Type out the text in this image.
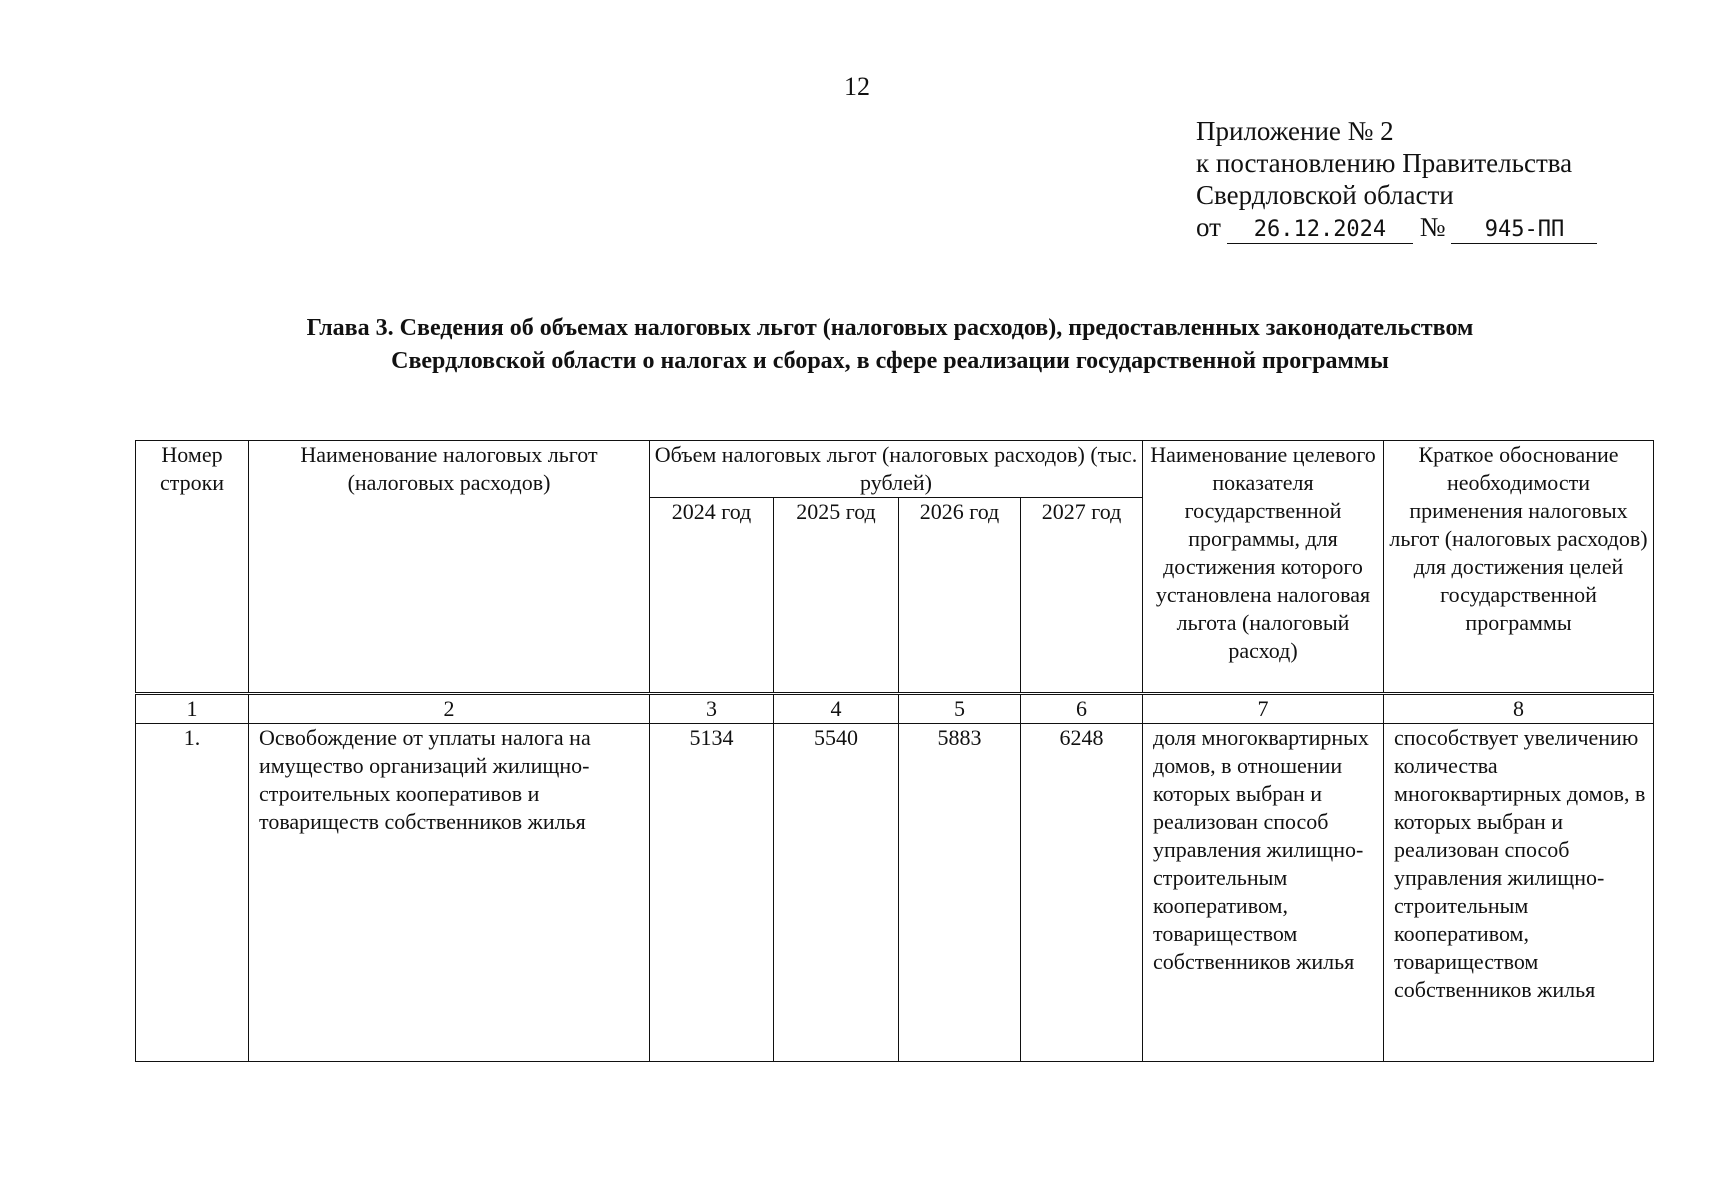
12
Приложение № 2
к постановлению Правительства
Свердловской области
от 26.12.2024 № 945-ПП
Глава 3. Сведения об объемах налоговых льгот (налоговых расходов), предоставленных законодательством
Свердловской области о налогах и сборах, в сфере реализации государственной программы
Номер строки	Наименование налоговых льгот (налоговых расходов)	Объем налоговых льгот (налоговых расходов) (тыс. рублей)				Наименование целевого показателя государственной программы, для достижения которого установлена налоговая льгота (налоговый расход)	Краткое обоснование необходимости применения налоговых льгот (налоговых расходов) для достижения целей государственной программы
		2024 год	2025 год	2026 год	2027 год		
1	2	3	4	5	6	7	8
1.	Освобождение от уплаты налога на имущество организаций жилищно-строительных кооперативов и товариществ собственников жилья	5134	5540	5883	6248	доля многоквартирных домов, в отношении которых выбран и реализован способ управления жилищно-строительным кооперативом, товариществом собственников жилья	способствует увеличению количества многоквартирных домов, в которых выбран и реализован способ управления жилищно-строительным кооперативом, товариществом собственников жилья
